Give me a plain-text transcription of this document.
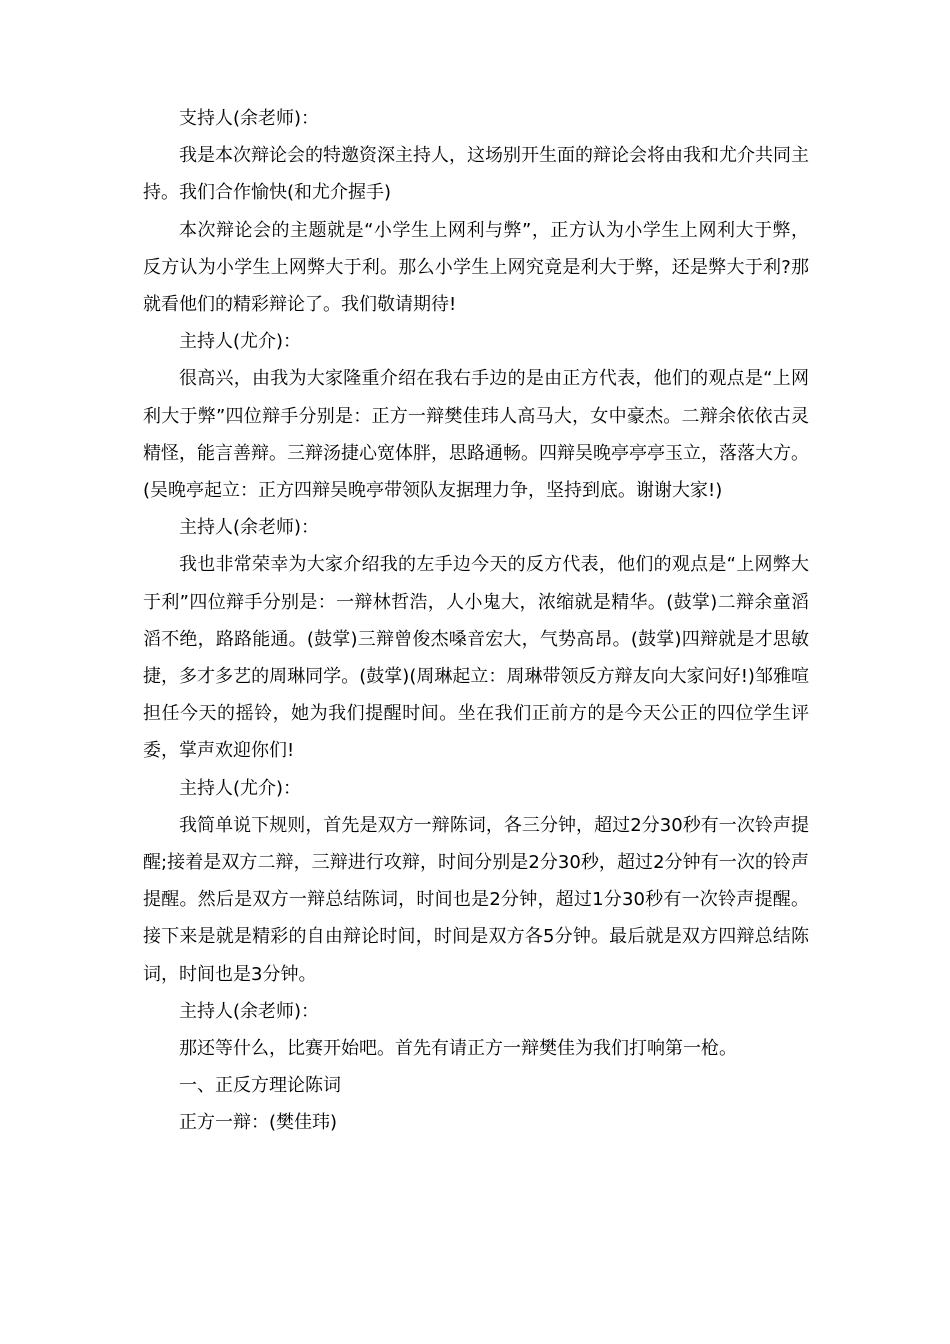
支持人(余老师)：

我是本次辩论会的特邀资深主持人，这场别开生面的辩论会将由我和尤介共同主持。我们合作愉快(和尤介握手)

本次辩论会的主题就是“小学生上网利与弊”，正方认为小学生上网利大于弊，反方认为小学生上网弊大于利。那么小学生上网究竟是利大于弊，还是弊大于利?那就看他们的精彩辩论了。我们敬请期待!

主持人(尤介)：

很高兴，由我为大家隆重介绍在我右手边的是由正方代表，他们的观点是“上网利大于弊”四位辩手分别是：正方一辩樊佳玮人高马大，女中豪杰。二辩余依依古灵精怪，能言善辩。三辩汤捷心宽体胖，思路通畅。四辩吴晚亭亭亭玉立，落落大方。(吴晚亭起立：正方四辩吴晚亭带领队友据理力争，坚持到底。谢谢大家!)

主持人(余老师)：

我也非常荣幸为大家介绍我的左手边今天的反方代表，他们的观点是“上网弊大于利”四位辩手分别是：一辩林哲浩，人小鬼大，浓缩就是精华。(鼓掌)二辩余童滔滔不绝，路路能通。(鼓掌)三辩曾俊杰嗓音宏大，气势高昂。(鼓掌)四辩就是才思敏捷，多才多艺的周琳同学。(鼓掌)(周琳起立：周琳带领反方辩友向大家问好!)邹雅喧担任今天的摇铃，她为我们提醒时间。坐在我们正前方的是今天公正的四位学生评委，掌声欢迎你们!

主持人(尤介)：

我简单说下规则，首先是双方一辩陈词，各三分钟，超过2分30秒有一次铃声提醒;接着是双方二辩，三辩进行攻辩，时间分别是2分30秒，超过2分钟有一次的铃声提醒。然后是双方一辩总结陈词，时间也是2分钟，超过1分30秒有一次铃声提醒。接下来是就是精彩的自由辩论时间，时间是双方各5分钟。最后就是双方四辩总结陈词，时间也是3分钟。

主持人(余老师)：

那还等什么，比赛开始吧。首先有请正方一辩樊佳为我们打响第一枪。

一、正反方理论陈词

正方一辩：(樊佳玮)
